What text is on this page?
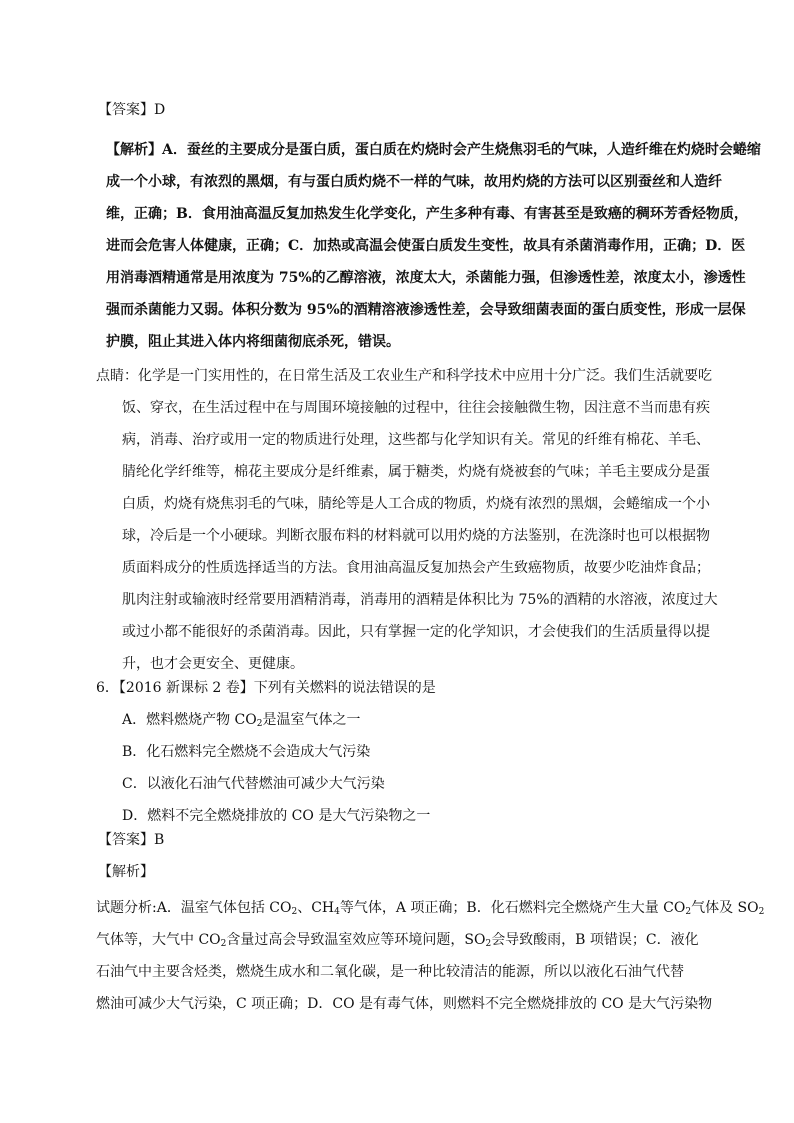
【答案】D
【解析】A．蚕丝的主要成分是蛋白质，蛋白质在灼烧时会产生烧焦羽毛的气味，人造纤维在灼烧时会蜷缩
成一个小球，有浓烈的黑烟，有与蛋白质灼烧不一样的气味，故用灼烧的方法可以区别蚕丝和人造纤
维，正确；B．食用油高温反复加热发生化学变化，产生多种有毒、有害甚至是致癌的稠环芳香烃物质，
进而会危害人体健康，正确；C．加热或高温会使蛋白质发生变性，故具有杀菌消毒作用，正确；D．医
用消毒酒精通常是用浓度为 75%的乙醇溶液，浓度太大，杀菌能力强，但渗透性差，浓度太小，渗透性
强而杀菌能力又弱。体积分数为 95%的酒精溶液渗透性差，会导致细菌表面的蛋白质变性，形成一层保
护膜，阻止其进入体内将细菌彻底杀死，错误。
点睛：化学是一门实用性的，在日常生活及工农业生产和科学技术中应用十分广泛。我们生活就要吃
饭、穿衣，在生活过程中在与周围环境接触的过程中，往往会接触微生物，因注意不当而患有疾
病，消毒、治疗或用一定的物质进行处理，这些都与化学知识有关。常见的纤维有棉花、羊毛、
腈纶化学纤维等，棉花主要成分是纤维素，属于糖类，灼烧有烧被套的气味；羊毛主要成分是蛋
白质，灼烧有烧焦羽毛的气味，腈纶等是人工合成的物质，灼烧有浓烈的黑烟，会蜷缩成一个小
球，冷后是一个小硬球。判断衣服布料的材料就可以用灼烧的方法鉴别，在洗涤时也可以根据物
质面料成分的性质选择适当的方法。食用油高温反复加热会产生致癌物质，故要少吃油炸食品；
肌肉注射或输液时经常要用酒精消毒，消毒用的酒精是体积比为 75%的酒精的水溶液，浓度过大
或过小都不能很好的杀菌消毒。因此，只有掌握一定的化学知识，才会使我们的生活质量得以提
升，也才会更安全、更健康。
6．【2016 新课标 2 卷】下列有关燃料的说法错误的是
A．燃料燃烧产物 $CO_2$是温室气体之一
B．化石燃料完全燃烧不会造成大气污染
C．以液化石油气代替燃油可减少大气污染
D．燃料不完全燃烧排放的 CO 是大气污染物之一
【答案】B
【解析】
试题分析:A．温室气体包括 $CO_2$、$CH_4$等气体，A 项正确；B．化石燃料完全燃烧产生大量 $CO_2$气体及 $SO_2$
气体等，大气中 $CO_2$含量过高会导致温室效应等环境问题，$SO_2$会导致酸雨，B 项错误；C．液化
石油气中主要含烃类，燃烧生成水和二氧化碳，是一种比较清洁的能源，所以以液化石油气代替
燃油可减少大气污染，C 项正确；D．CO 是有毒气体，则燃料不完全燃烧排放的 CO 是大气污染物
